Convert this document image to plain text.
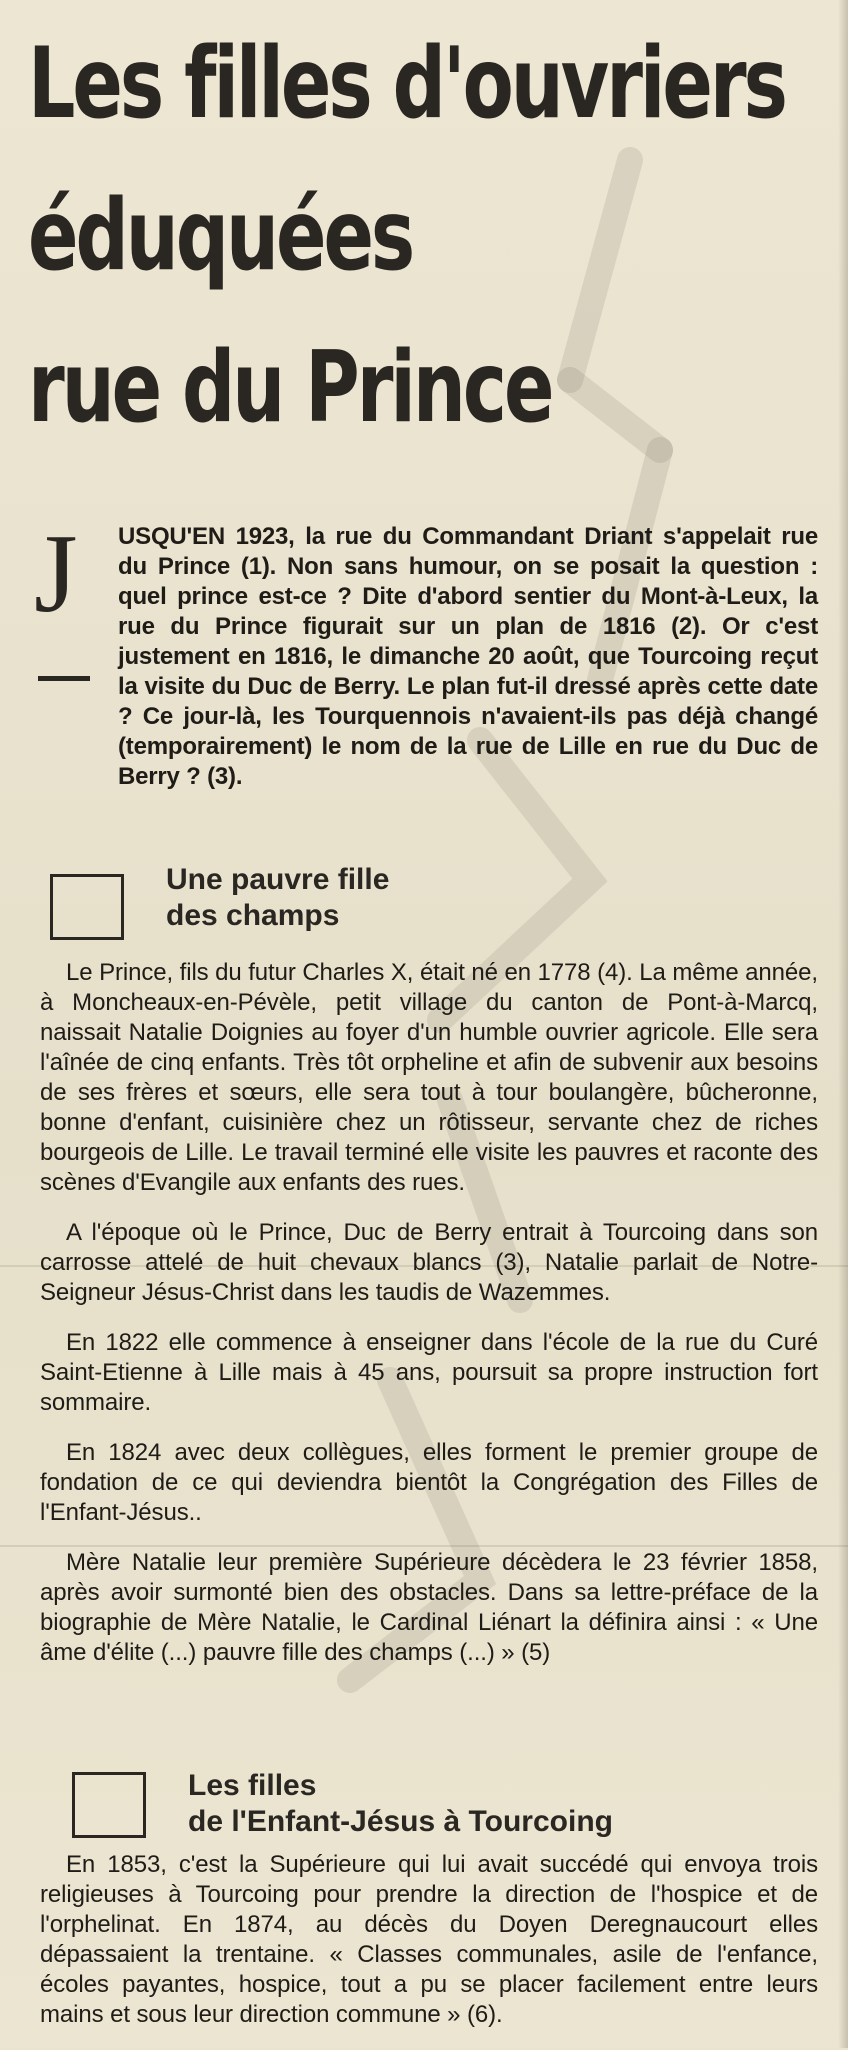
Les filles d'ouvriers
éduquées
rue du Prince
J USQU'EN 1923, la rue du Commandant Driant s'appelait rue du Prince (1). Non sans humour, on se posait la question : quel prince est-ce ? Dite d'abord sentier du Mont-à-Leux, la rue du Prince figurait sur un plan de 1816 (2). Or c'est justement en 1816, le dimanche 20 août, que Tourcoing reçut la visite du Duc de Berry. Le plan fut-il dressé après cette date ? Ce jour-là, les Tourquennois n'avaient-ils pas déjà changé (temporairement) le nom de la rue de Lille en rue du Duc de Berry ? (3).

Une pauvre fille
des champs

Le Prince, fils du futur Charles X, était né en 1778 (4). La même année, à Moncheaux-en-Pévèle, petit village du canton de Pont-à-Marcq, naissait Natalie Doignies au foyer d'un humble ouvrier agricole. Elle sera l'aînée de cinq enfants. Très tôt orpheline et afin de subvenir aux besoins de ses frères et sœurs, elle sera tout à tour boulangère, bûcheronne, bonne d'enfant, cuisinière chez un rôtisseur, servante chez de riches bourgeois de Lille. Le travail terminé elle visite les pauvres et raconte des scènes d'Evangile aux enfants des rues.

A l'époque où le Prince, Duc de Berry entrait à Tourcoing dans son carrosse attelé de huit chevaux blancs (3), Natalie parlait de Notre-Seigneur Jésus-Christ dans les taudis de Wazemmes.

En 1822 elle commence à enseigner dans l'école de la rue du Curé Saint-Etienne à Lille mais à 45 ans, poursuit sa propre instruction fort sommaire.

En 1824 avec deux collègues, elles forment le premier groupe de fondation de ce qui deviendra bientôt la Congrégation des Filles de l'Enfant-Jésus..

Mère Natalie leur première Supérieure décèdera le 23 février 1858, après avoir surmonté bien des obstacles. Dans sa lettre-préface de la biographie de Mère Natalie, le Cardinal Liénart la définira ainsi : « Une âme d'élite (...) pauvre fille des champs (...) » (5)

Les filles
de l'Enfant-Jésus à Tourcoing

En 1853, c'est la Supérieure qui lui avait succédé qui envoya trois religieuses à Tourcoing pour prendre la direction de l'hospice et de l'orphelinat. En 1874, au décès du Doyen Deregnaucourt elles dépassaient la trentaine. « Classes communales, asile de l'enfance, écoles payantes, hospice, tout a pu se placer facilement entre leurs mains et sous leur direction commune » (6).
